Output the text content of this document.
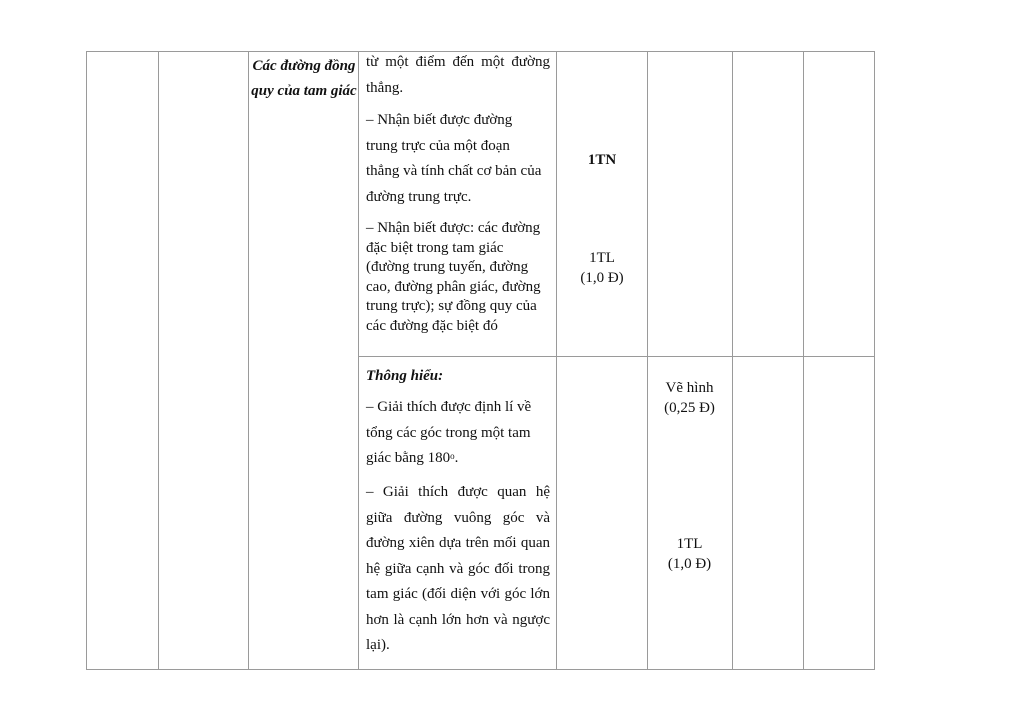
Các đường đồng quy của tam giác
từ một điểm đến một đường thẳng.
– Nhận biết được đường trung trực của một đoạn thẳng và tính chất cơ bản của đường trung trực.
– Nhận biết được: các đường đặc biệt trong tam giác (đường trung tuyến, đường cao, đường phân giác, đường trung trực); sự đồng quy của các đường đặc biệt đó
1TN
1TL
(1,0 Đ)
Thông hiểu:
– Giải thích được định lí về tổng các góc trong một tam giác bằng 180$^o$.
– Giải thích được quan hệ giữa đường vuông góc và đường xiên dựa trên mối quan hệ giữa cạnh và góc đối trong tam giác (đối diện với góc lớn hơn là cạnh lớn hơn và ngược lại).
Vẽ hình
(0,25 Đ)
1TL
(1,0 Đ)
